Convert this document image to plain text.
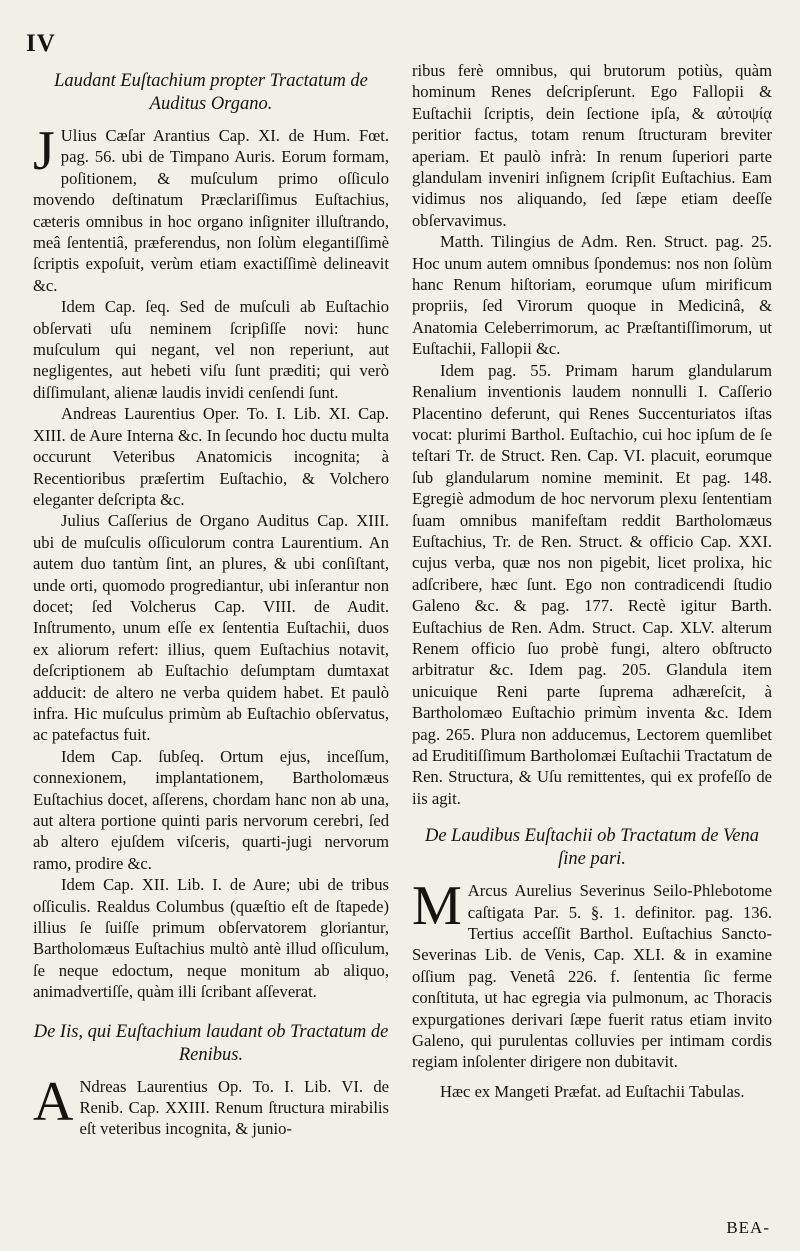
IV
Laudant Euſtachium propter Tractatum de Auditus Organo.

J Ulius Cæſar Arantius Cap. XI. de Hum. Fœt. pag. 56. ubi de Timpano Auris. Eorum formam, poſitionem, & muſculum primo oſſiculo movendo deſtinatum Præclariſſimus Euſtachius, cæteris omnibus in hoc organo inſigniter illuſtrando, meâ ſententiâ, præferendus, non ſolùm elegantiſſimè ſcriptis expoſuit, verùm etiam exactiſſimè delineavit &c.

Idem Cap. ſeq. Sed de muſculi ab Euſtachio obſervati uſu neminem ſcripſiſſe novi: hunc muſculum qui negant, vel non reperiunt, aut negligentes, aut hebeti viſu ſunt præditi; qui verò diſſimulant, alienæ laudis invidi cenſendi ſunt.

Andreas Laurentius Oper. To. I. Lib. XI. Cap. XIII. de Aure Interna &c. In ſecundo hoc ductu multa occurunt Veteribus Anatomicis incognita; à Recentioribus præſertim Euſtachio, & Volchero eleganter deſcripta &c.

Julius Caſſerius de Organo Auditus Cap. XIII. ubi de muſculis oſſiculorum contra Laurentium. An autem duo tantùm ſint, an plures, & ubi conſiſtant, unde orti, quomodo progrediantur, ubi inſerantur non docet; ſed Volcherus Cap. VIII. de Audit. Inſtrumento, unum eſſe ex ſententia Euſtachii, duos ex aliorum refert: illius, quem Euſtachius notavit, deſcriptionem ab Euſtachio deſumptam dumtaxat adducit: de altero ne verba quidem habet. Et paulò infra. Hic muſculus primùm ab Euſtachio obſervatus, ac patefactus fuit.

Idem Cap. ſubſeq. Ortum ejus, inceſſum, connexionem, implantationem, Bartholomæus Euſtachius docet, aſſerens, chordam hanc non ab una, aut altera portione quinti paris nervorum cerebri, ſed ab altero ejuſdem viſceris, quarti-jugi nervorum ramo, prodire &c.

Idem Cap. XII. Lib. I. de Aure; ubi de tribus oſſiculis. Realdus Columbus (quæſtio eſt de ſtapede) illius ſe ſuiſſe primum obſervatorem gloriantur, Bartholomæus Euſtachius multò antè illud oſſiculum, ſe neque edoctum, neque monitum ab aliquo, animadvertiſſe, quàm illi ſcribant aſſeverat.

De Iis, qui Euſtachium laudant ob Tractatum de Renibus.

A Ndreas Laurentius Op. To. I. Lib. VI. de Renib. Cap. XXIII. Renum ſtructura mirabilis eſt veteribus incognita, & junio-

ribus ferè omnibus, qui brutorum potiùs, quàm hominum Renes deſcripſerunt. Ego Fallopii & Euſtachii ſcriptis, dein ſectione ipſa, & αὐτοψίᾳ peritior factus, totam renum ſtructuram breviter aperiam. Et paulò infrà: In renum ſuperiori parte glandulam inveniri inſignem ſcripſit Euſtachius. Eam vidimus nos aliquando, ſed ſæpe etiam deeſſe obſervavimus.

Matth. Tilingius de Adm. Ren. Struct. pag. 25. Hoc unum autem omnibus ſpondemus: nos non ſolùm hanc Renum hiſtoriam, eorumque uſum mirificum propriis, ſed Virorum quoque in Medicinâ, & Anatomia Celeberrimorum, ac Præſtantiſſimorum, ut Euſtachii, Fallopii &c.

Idem pag. 55. Primam harum glandularum Renalium inventionis laudem nonnulli I. Caſſerio Placentino deferunt, qui Renes Succenturiatos iſtas vocat: plurimi Barthol. Euſtachio, cui hoc ipſum de ſe teſtari Tr. de Struct. Ren. Cap. VI. placuit, eorumque ſub glandularum nomine meminit. Et pag. 148. Egregiè admodum de hoc nervorum plexu ſententiam ſuam omnibus manifeſtam reddit Bartholomæus Euſtachius, Tr. de Ren. Struct. & officio Cap. XXI. cujus verba, quæ nos non pigebit, licet prolixa, hic adſcribere, hæc ſunt. Ego non contradicendi ſtudio Galeno &c. & pag. 177. Rectè igitur Barth. Euſtachius de Ren. Adm. Struct. Cap. XLV. alterum Renem officio ſuo probè fungi, altero obſtructo arbitratur &c. Idem pag. 205. Glandula item unicuique Reni parte ſuprema adhæreſcit, à Bartholomæo Euſtachio primùm inventa &c. Idem pag. 265. Plura non adducemus, Lectorem quemlibet ad Eruditiſſimum Bartholomæi Euſtachii Tractatum de Ren. Structura, & Uſu remittentes, qui ex profeſſo de iis agit.

De Laudibus Euſtachii ob Tractatum de Vena ſine pari.

M Arcus Aurelius Severinus Seilo-Phlebotome caſtigata Par. 5. §. 1. definitor. pag. 136. Tertius acceſſit Barthol. Euſtachius Sancto-Severinas Lib. de Venis, Cap. XLI. & in examine oſſium pag. Venetâ 226. f. ſententia ſic ferme conſtituta, ut hac egregia via pulmonum, ac Thoracis expurgationes derivari ſæpe fuerit ratus etiam invito Galeno, qui purulentas colluvies per intimam cordis regiam inſolenter dirigere non dubitavit.

Hæc ex Mangeti Præfat. ad Euſtachii Tabulas.

BEA-
